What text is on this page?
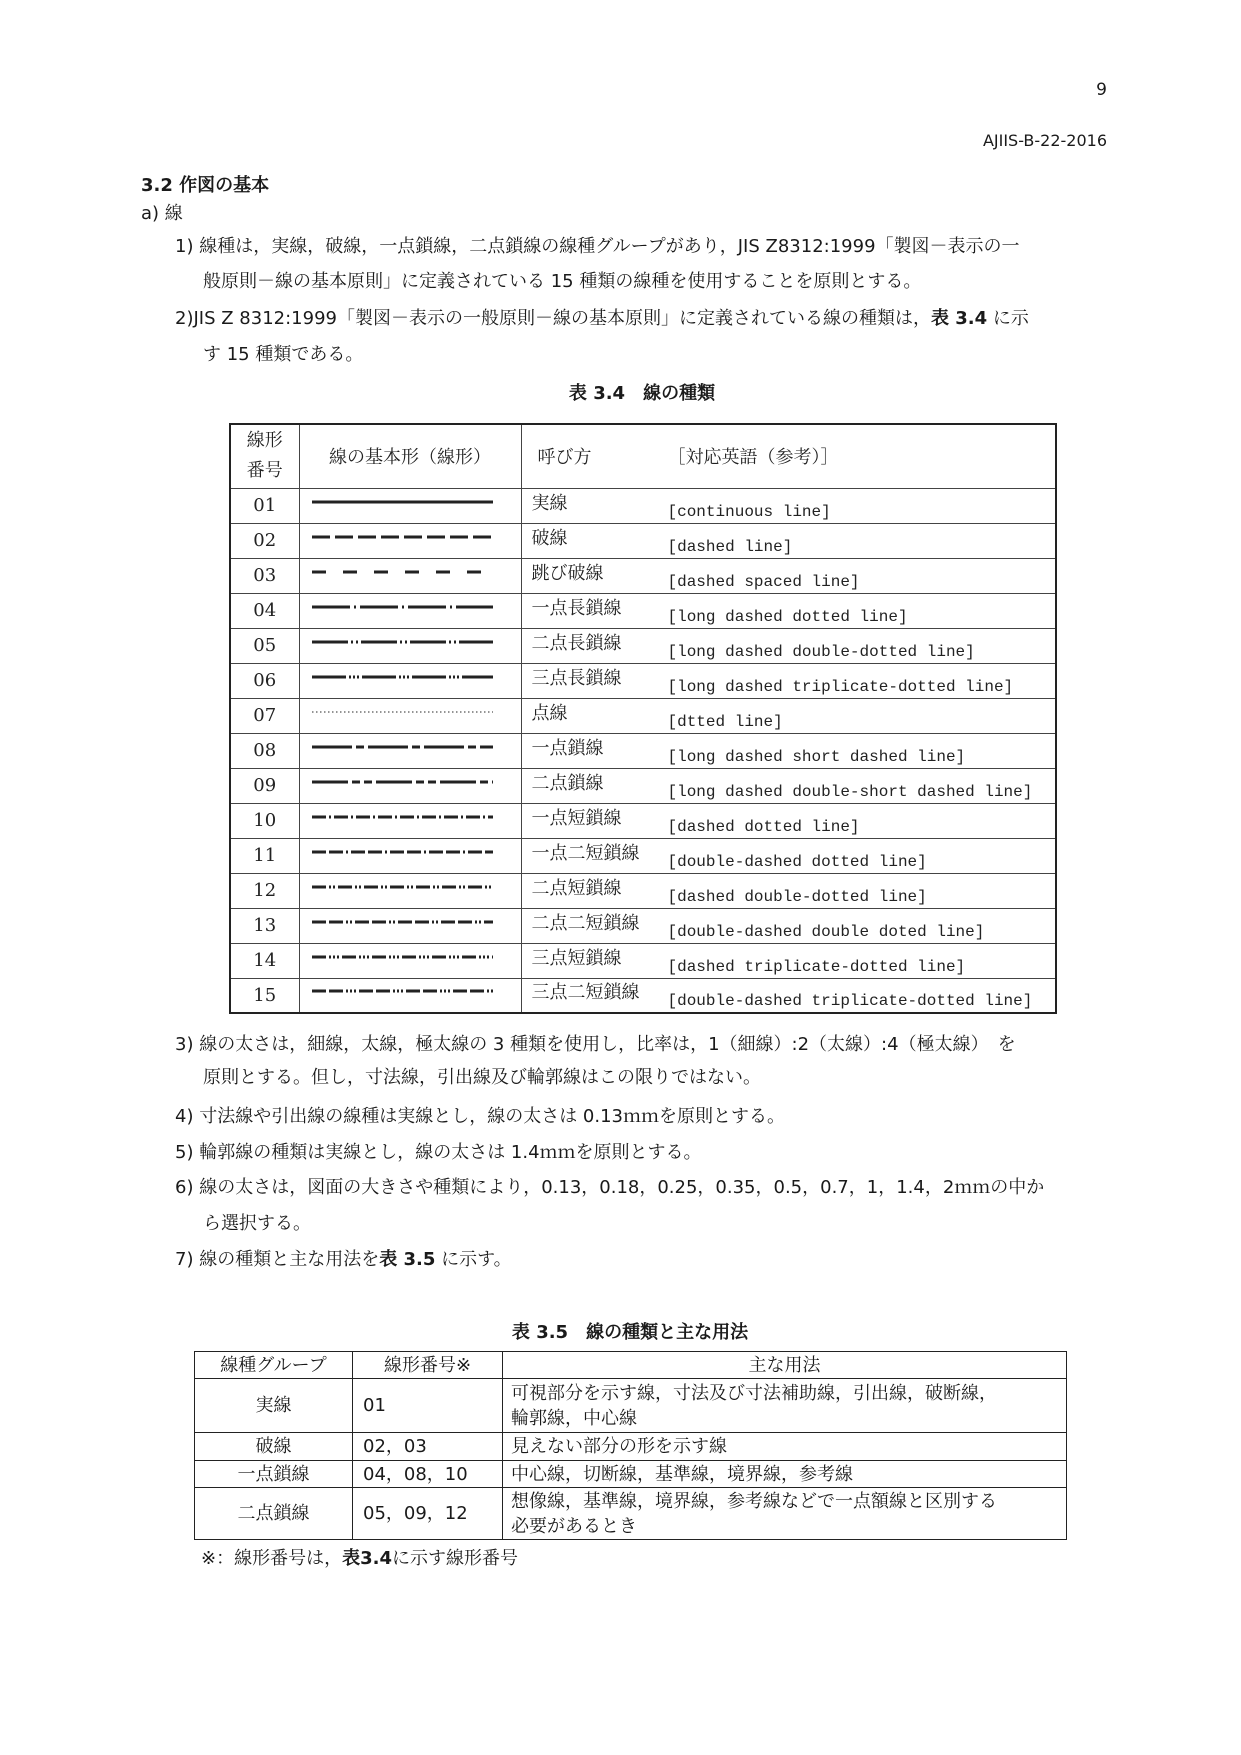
9
AJIIS-B-22-2016
3.2 作図の基本
a) 線
1) 線種は，実線，破線，一点鎖線，二点鎖線の線種グループがあり，JIS Z8312:1999「製図－表示の一
般原則－線の基本原則」に定義されている 15 種類の線種を使用することを原則とする。
2)JIS Z 8312:1999「製図－表示の一般原則－線の基本原則」に定義されている線の種類は，表 3.4 に示
す 15 種類である。
表 3.4　線の種類
線形
番号	線の基本形（線形）	呼び方 ［対応英語（参考）］
01		実線 [continuous line]
02		破線 [dashed line]
03		跳び破線 [dashed spaced line]
04		一点長鎖線 [long dashed dotted line]
05		二点長鎖線 [long dashed double-dotted line]
06		三点長鎖線 [long dashed triplicate-dotted line]
07		点線 [dtted line]
08		一点鎖線 [long dashed short dashed line]
09		二点鎖線 [long dashed double-short dashed line]
10		一点短鎖線 [dashed dotted line]
11		一点二短鎖線 [double-dashed dotted line]
12		二点短鎖線 [dashed double-dotted line]
13		二点二短鎖線 [double-dashed double doted line]
14		三点短鎖線 [dashed triplicate-dotted line]
15		三点二短鎖線 [double-dashed triplicate-dotted line]
3) 線の太さは，細線，太線，極太線の 3 種類を使用し，比率は，1（細線）:2（太線）:4（極太線）　を
原則とする。但し，寸法線，引出線及び輪郭線はこの限りではない。
4) 寸法線や引出線の線種は実線とし，線の太さは 0.13ｍｍを原則とする。
5) 輪郭線の種類は実線とし，線の太さは 1.4ｍｍを原則とする。
6) 線の太さは，図面の大きさや種類により，0.13，0.18，0.25，0.35，0.5，0.7，1，1.4，2ｍｍの中か
ら選択する。
7) 線の種類と主な用法を表 3.5 に示す。
表 3.5　線の種類と主な用法
線種グループ	線形番号※	主な用法
実線	01	可視部分を示す線，寸法及び寸法補助線，引出線，破断線，
輪郭線，中心線

破線	02，03	見えない部分の形を示す線

一点鎖線	04，08，10	中心線，切断線，基準線，境界線，参考線

二点鎖線	05，09，12	想像線，基準線，境界線，参考線などで一点額線と区別する
必要があるとき
※：線形番号は，表3.4に示す線形番号
